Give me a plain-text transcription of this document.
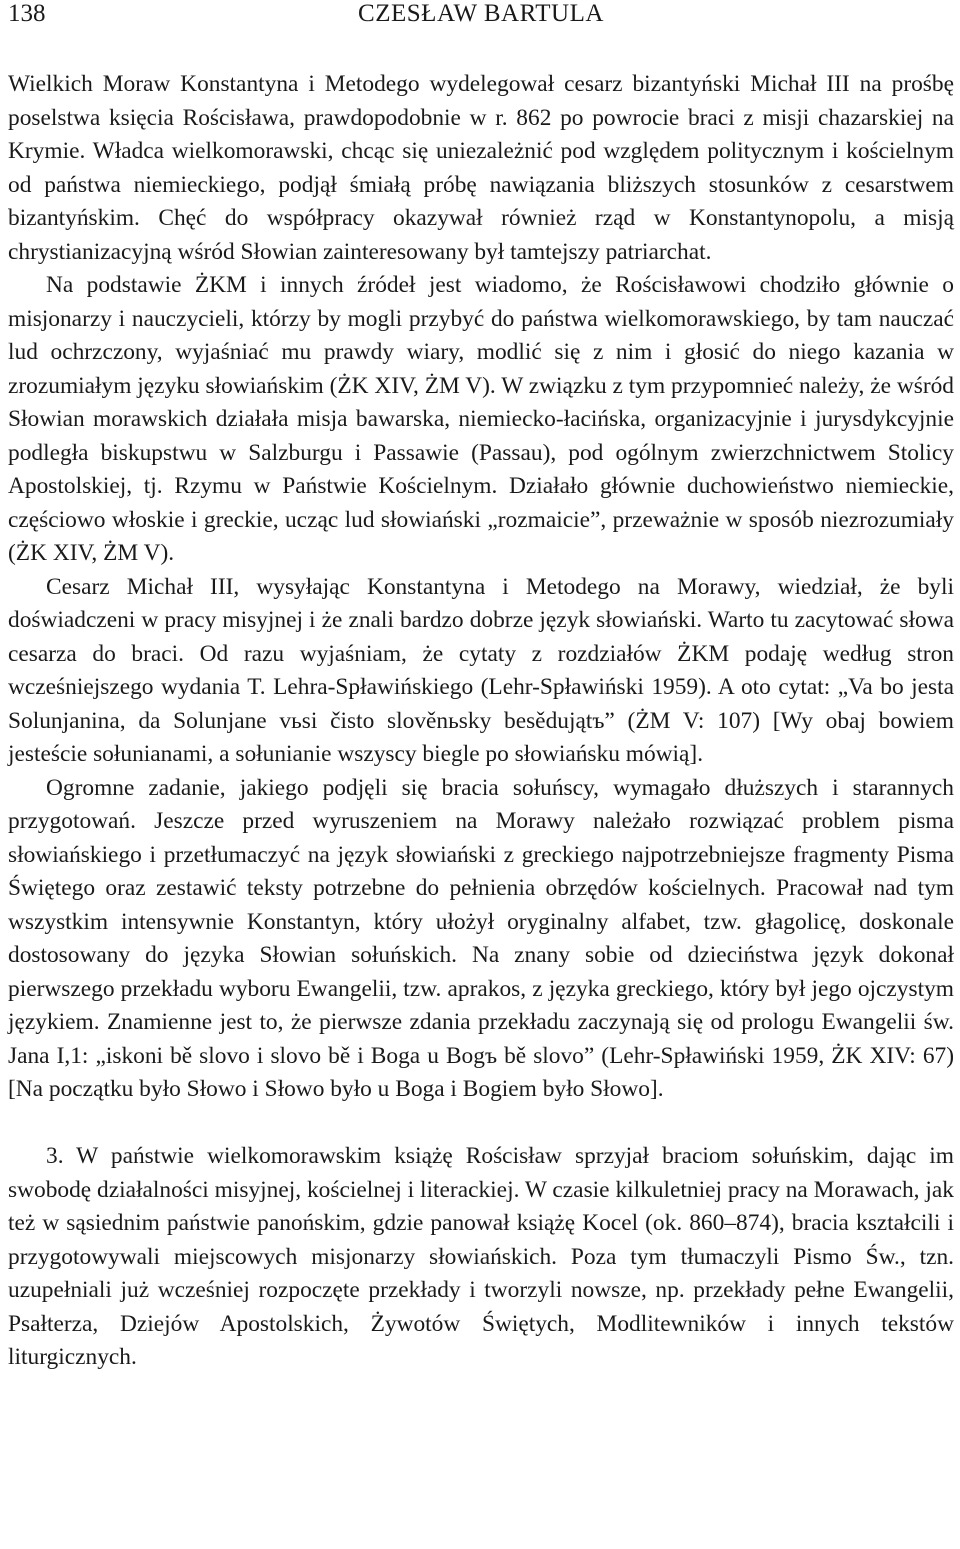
138	CZESŁAW BARTULA

Wielkich Moraw Konstantyna i Metodego wydelegował cesarz bizantyński Michał III na prośbę poselstwa księcia Rościsława, prawdopodobnie w r. 862 po powrocie braci z misji chazarskiej na Krymie. Władca wielkomorawski, chcąc się uniezależnić pod względem politycznym i kościelnym od państwa niemieckiego, podjął śmiałą próbę nawiązania bliższych stosunków z cesarstwem bizantyńskim. Chęć do współpracy okazywał również rząd w Konstantynopolu, a misją chrystianizacyjną wśród Słowian zainteresowany był tamtejszy patriarchat.

Na podstawie ŻKM i innych źródeł jest wiadomo, że Rościsławowi chodziło głównie o misjonarzy i nauczycieli, którzy by mogli przybyć do państwa wielkomorawskiego, by tam nauczać lud ochrzczony, wyjaśniać mu prawdy wiary, modlić się z nim i głosić do niego kazania w zrozumiałym języku słowiańskim (ŻK XIV, ŻM V). W związku z tym przypomnieć należy, że wśród Słowian morawskich działała misja bawarska, niemiecko-łacińska, organizacyjnie i jurysdykcyjnie podległa biskupstwu w Salzburgu i Passawie (Passau), pod ogólnym zwierzchnictwem Stolicy Apostolskiej, tj. Rzymu w Państwie Kościelnym. Działało głównie duchowieństwo niemieckie, częściowo włoskie i greckie, ucząc lud słowiański „rozmaicie”, przeważnie w sposób niezrozumiały (ŻK XIV, ŻM V).

Cesarz Michał III, wysyłając Konstantyna i Metodego na Morawy, wiedział, że byli doświadczeni w pracy misyjnej i że znali bardzo dobrze język słowiański. Warto tu zacytować słowa cesarza do braci. Od razu wyjaśniam, że cytaty z rozdziałów ŻKM podaję według stron wcześniejszego wydania T. Lehra-Spławińskiego (Lehr-Spławiński 1959). A oto cytat: „Va bo jesta Solunjanina, da Solunjane vьsi čisto slověnьsky besědujątъ” (ŻM V: 107) [Wy obaj bowiem jesteście sołunianami, a sołunianie wszyscy biegle po słowiańsku mówią].

Ogromne zadanie, jakiego podjęli się bracia sołuńscy, wymagało dłuższych i starannych przygotowań. Jeszcze przed wyruszeniem na Morawy należało rozwiązać problem pisma słowiańskiego i przetłumaczyć na język słowiański z greckiego najpotrzebniejsze fragmenty Pisma Świętego oraz zestawić teksty potrzebne do pełnienia obrzędów kościelnych. Pracował nad tym wszystkim intensywnie Konstantyn, który ułożył oryginalny alfabet, tzw. głagolicę, doskonale dostosowany do języka Słowian sołuńskich. Na znany sobie od dzieciństwa język dokonał pierwszego przekładu wyboru Ewangelii, tzw. aprakos, z języka greckiego, który był jego ojczystym językiem. Znamienne jest to, że pierwsze zdania przekładu zaczynają się od prologu Ewangelii św. Jana I,1: „iskoni bě slovo i slovo bě i Boga u Bogъ bě slovo” (Lehr-Spławiński 1959, ŻK XIV: 67) [Na początku było Słowo i Słowo było u Boga i Bogiem było Słowo].

3. W państwie wielkomorawskim książę Rościsław sprzyjał braciom sołuńskim, dając im swobodę działalności misyjnej, kościelnej i literackiej. W czasie kilkuletniej pracy na Morawach, jak też w sąsiednim państwie panońskim, gdzie panował książę Kocel (ok. 860–874), bracia kształcili i przygotowywali miejscowych misjonarzy słowiańskich. Poza tym tłumaczyli Pismo Św., tzn. uzupełniali już wcześniej rozpoczęte przekłady i tworzyli nowsze, np. przekłady pełne Ewangelii, Psałterza, Dziejów Apostolskich, Żywotów Świętych, Modlitewników i innych tekstów liturgicznych.
